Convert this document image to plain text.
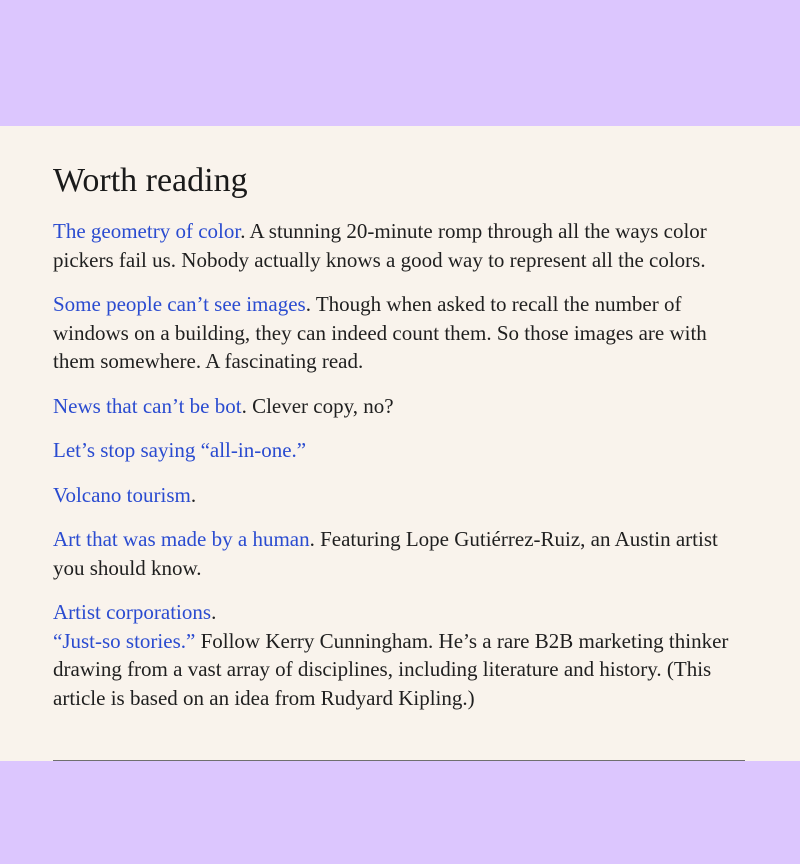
Worth reading

The geometry of color. A stunning 20-minute romp through all the ways color pickers fail us. Nobody actually knows a good way to represent all the colors.

Some people can’t see images. Though when asked to recall the number of windows on a building, they can indeed count them. So those images are with them somewhere. A fascinating read.

News that can’t be bot. Clever copy, no?

Let’s stop saying “all-in-one.”

Volcano tourism.

Art that was made by a human. Featuring Lope Gutiérrez-Ruiz, an Austin artist you should know.

Artist corporations.

“Just-so stories.” Follow Kerry Cunningham. He’s a rare B2B marketing thinker drawing from a vast array of disciplines, including literature and history. (This article is based on an idea from Rudyard Kipling.)
